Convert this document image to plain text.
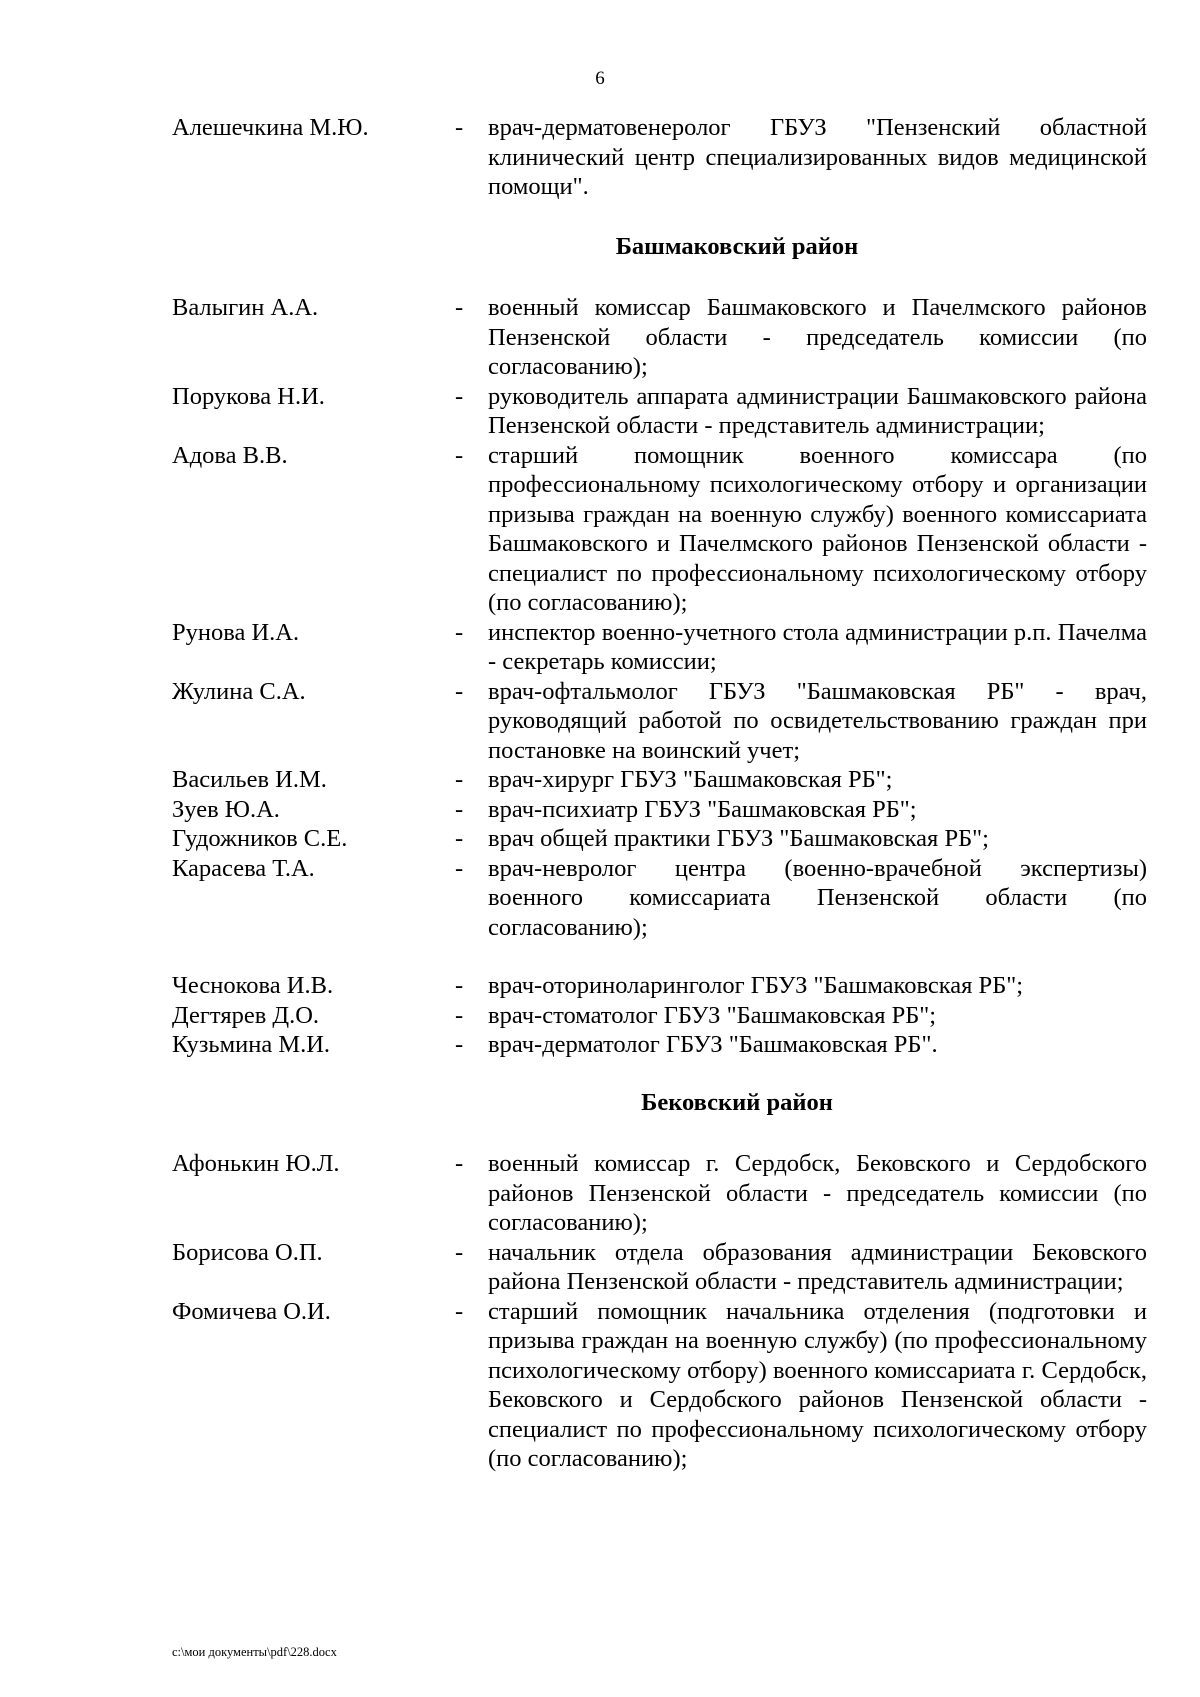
6
Алешечкина М.Ю.	-	врач-дерматовенеролог ГБУЗ "Пензенский областной клинический центр специализированных видов медицинской помощи".
Башмаковский район
Валыгин А.А.	-	военный комиссар Башмаковского и Пачелмского районов Пензенской области - председатель комиссии (по согласованию);
Порукова Н.И.	-	руководитель аппарата администрации Башмаковского района Пензенской области - представитель администрации;
Адова В.В.	-	старший помощник военного комиссара (по профессиональному психологическому отбору и организации призыва граждан на военную службу) военного комиссариата Башмаковского и Пачелмского районов Пензенской области - специалист по профессиональному психологическому отбору (по согласованию);
Рунова И.А.	-	инспектор военно-учетного стола администрации р.п. Пачелма - секретарь комиссии;
Жулина С.А.	-	врач-офтальмолог ГБУЗ "Башмаковская РБ" - врач, руководящий работой по освидетельствованию граждан при постановке на воинский учет;
Васильев И.М.	-	врач-хирург ГБУЗ "Башмаковская РБ";
Зуев Ю.А.	-	врач-психиатр ГБУЗ "Башмаковская РБ";
Гудожников С.Е.	-	врач общей практики ГБУЗ "Башмаковская РБ";
Карасева Т.А.	-	врач-невролог центра (военно-врачебной экспертизы) военного комиссариата Пензенской области (по согласованию);
Чеснокова И.В.	-	врач-оториноларинголог ГБУЗ "Башмаковская РБ";
Дегтярев Д.О.	-	врач-стоматолог ГБУЗ "Башмаковская РБ";
Кузьмина М.И.	-	врач-дерматолог ГБУЗ "Башмаковская РБ".
Бековский район
Афонькин Ю.Л.	-	военный комиссар г. Сердобск, Бековского и Сердобского районов Пензенской области - председатель комиссии (по согласованию);
Борисова О.П.	-	начальник отдела образования администрации Бековского района Пензенской области - представитель администрации;
Фомичева О.И.	-	старший помощник начальника отделения (подготовки и призыва граждан на военную службу) (по профессиональному психологическому отбору) военного комиссариата г. Сердобск, Бековского и Сердобского районов Пензенской области - специалист по профессиональному психологическому отбору (по согласованию);
c:\мои документы\pdf\228.docx
